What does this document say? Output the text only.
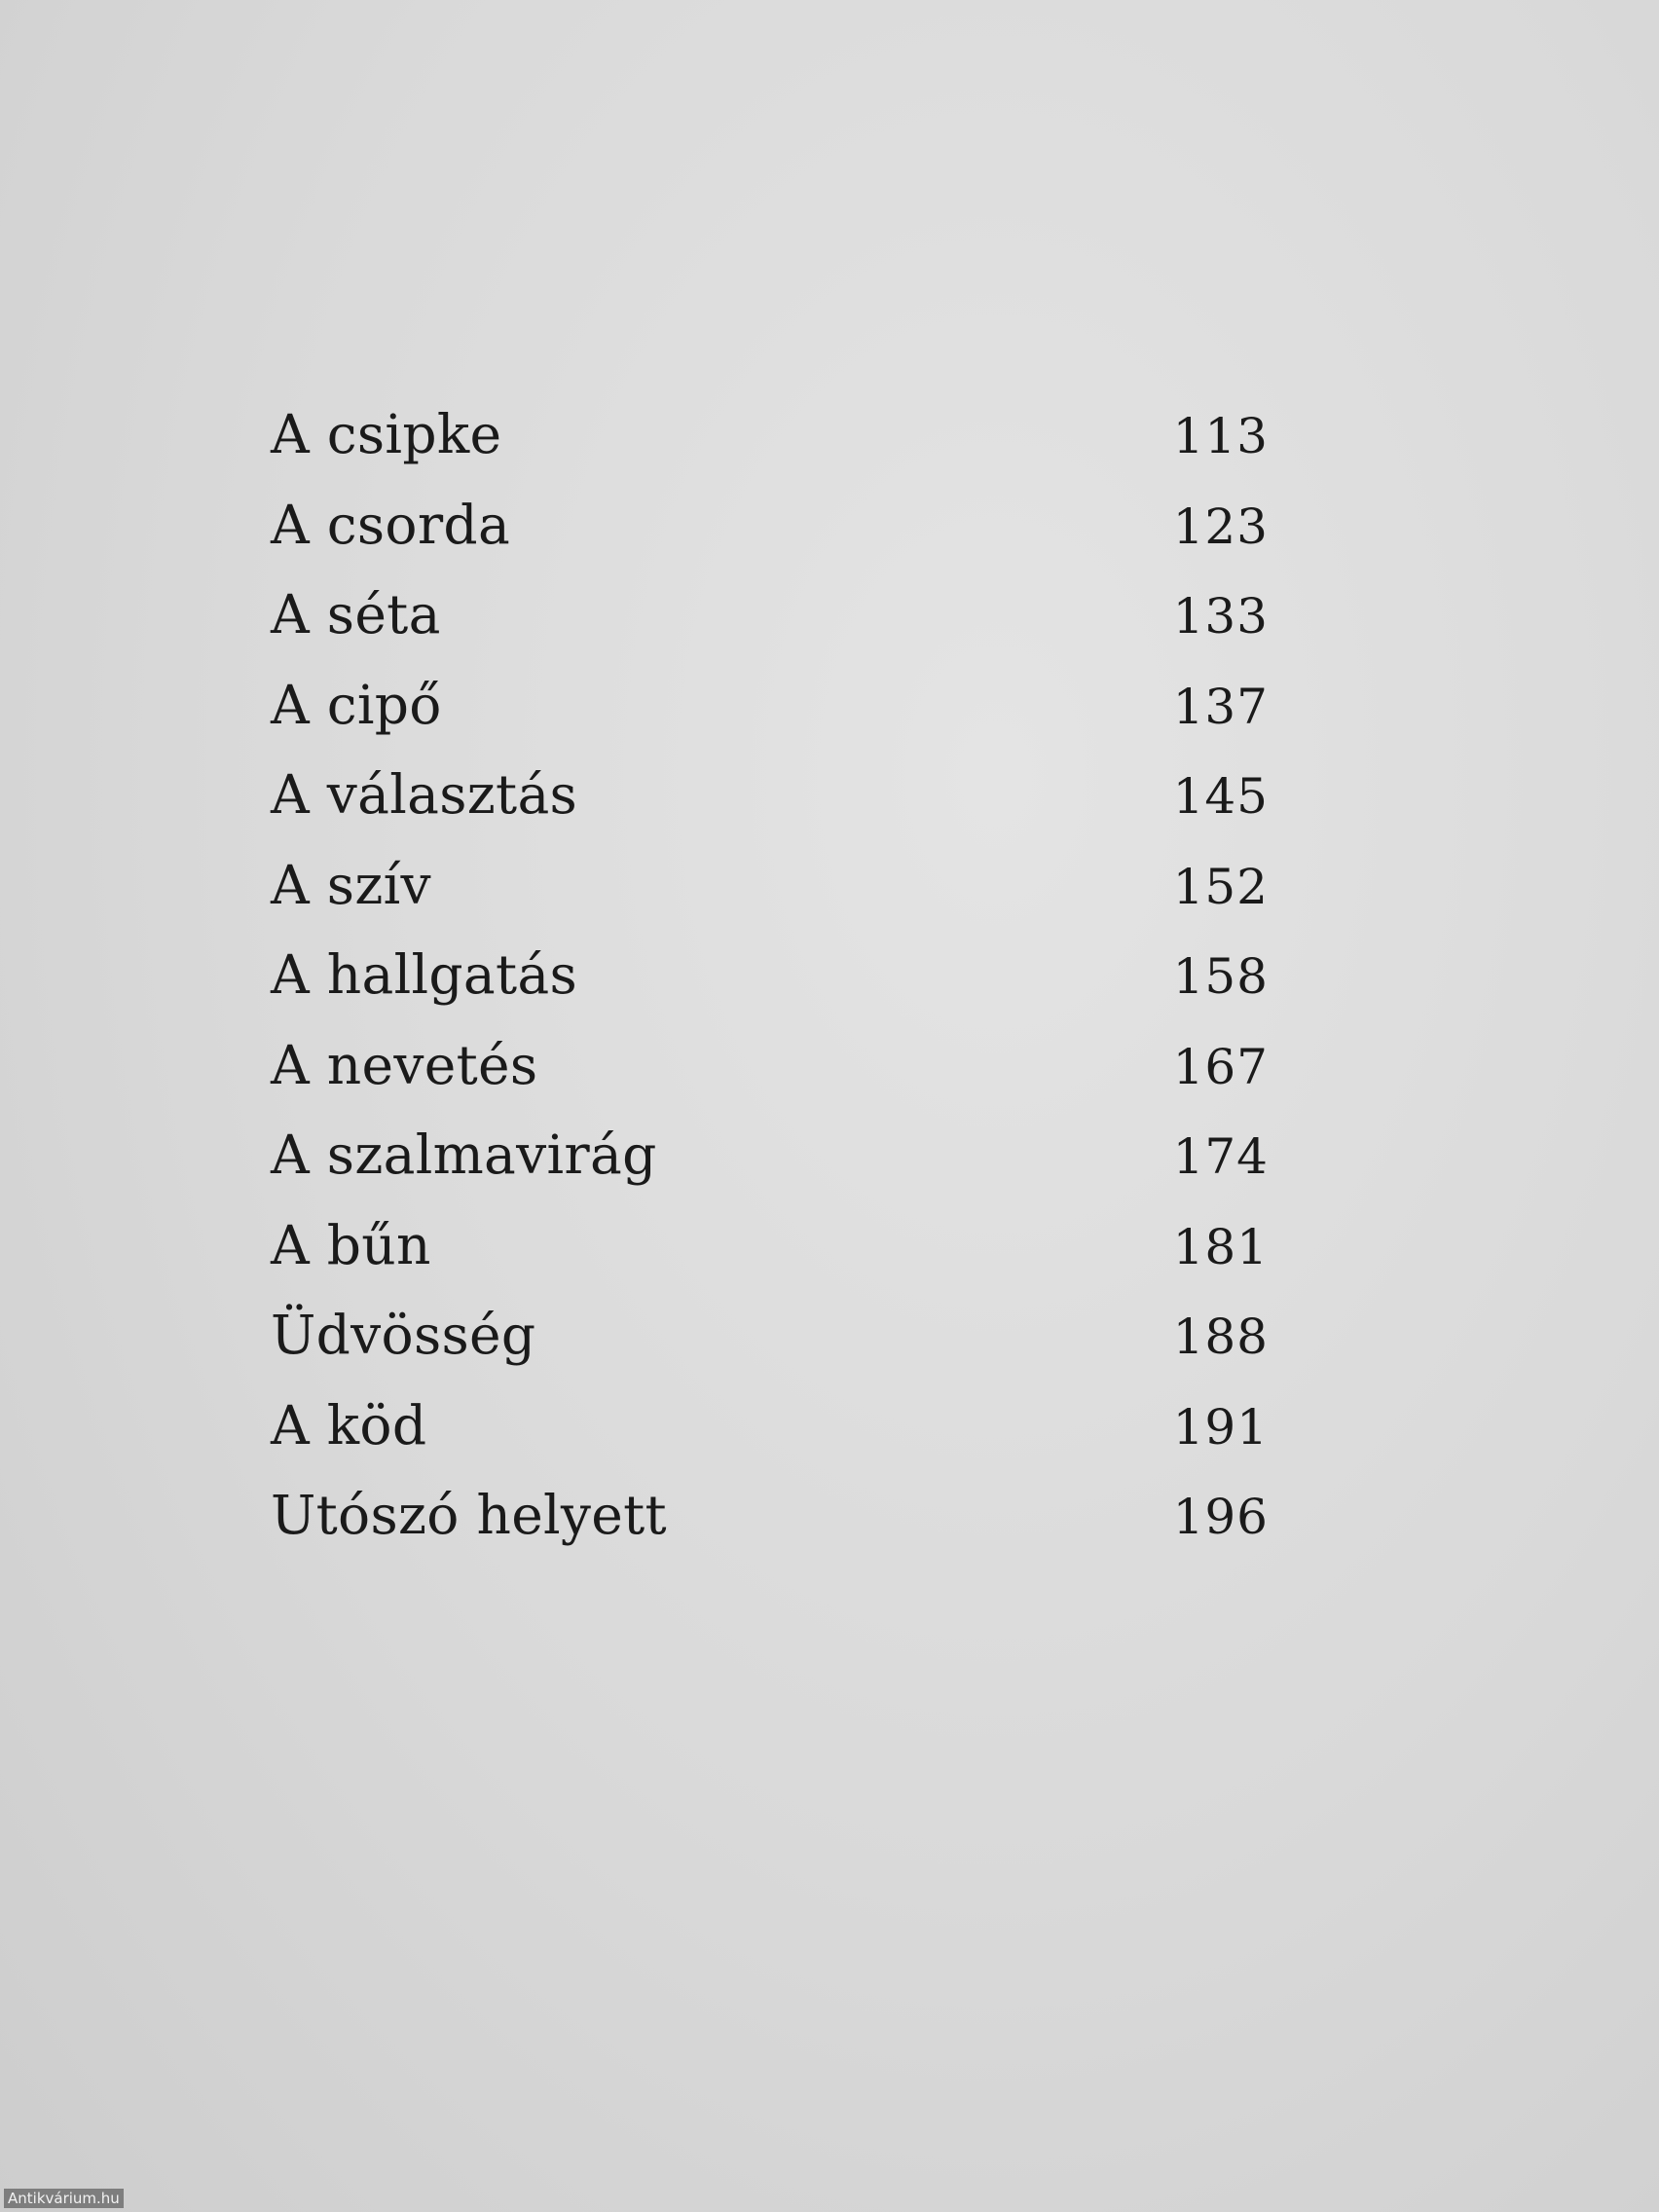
A csipke	113
A csorda	123
A séta	133
A cipő	137
A választás	145
A szív	152
A hallgatás	158
A nevetés	167
A szalmavirág	174
A bűn	181
Üdvösség	188
A köd	191
Utószó helyett	196
Antikvárium.hu
